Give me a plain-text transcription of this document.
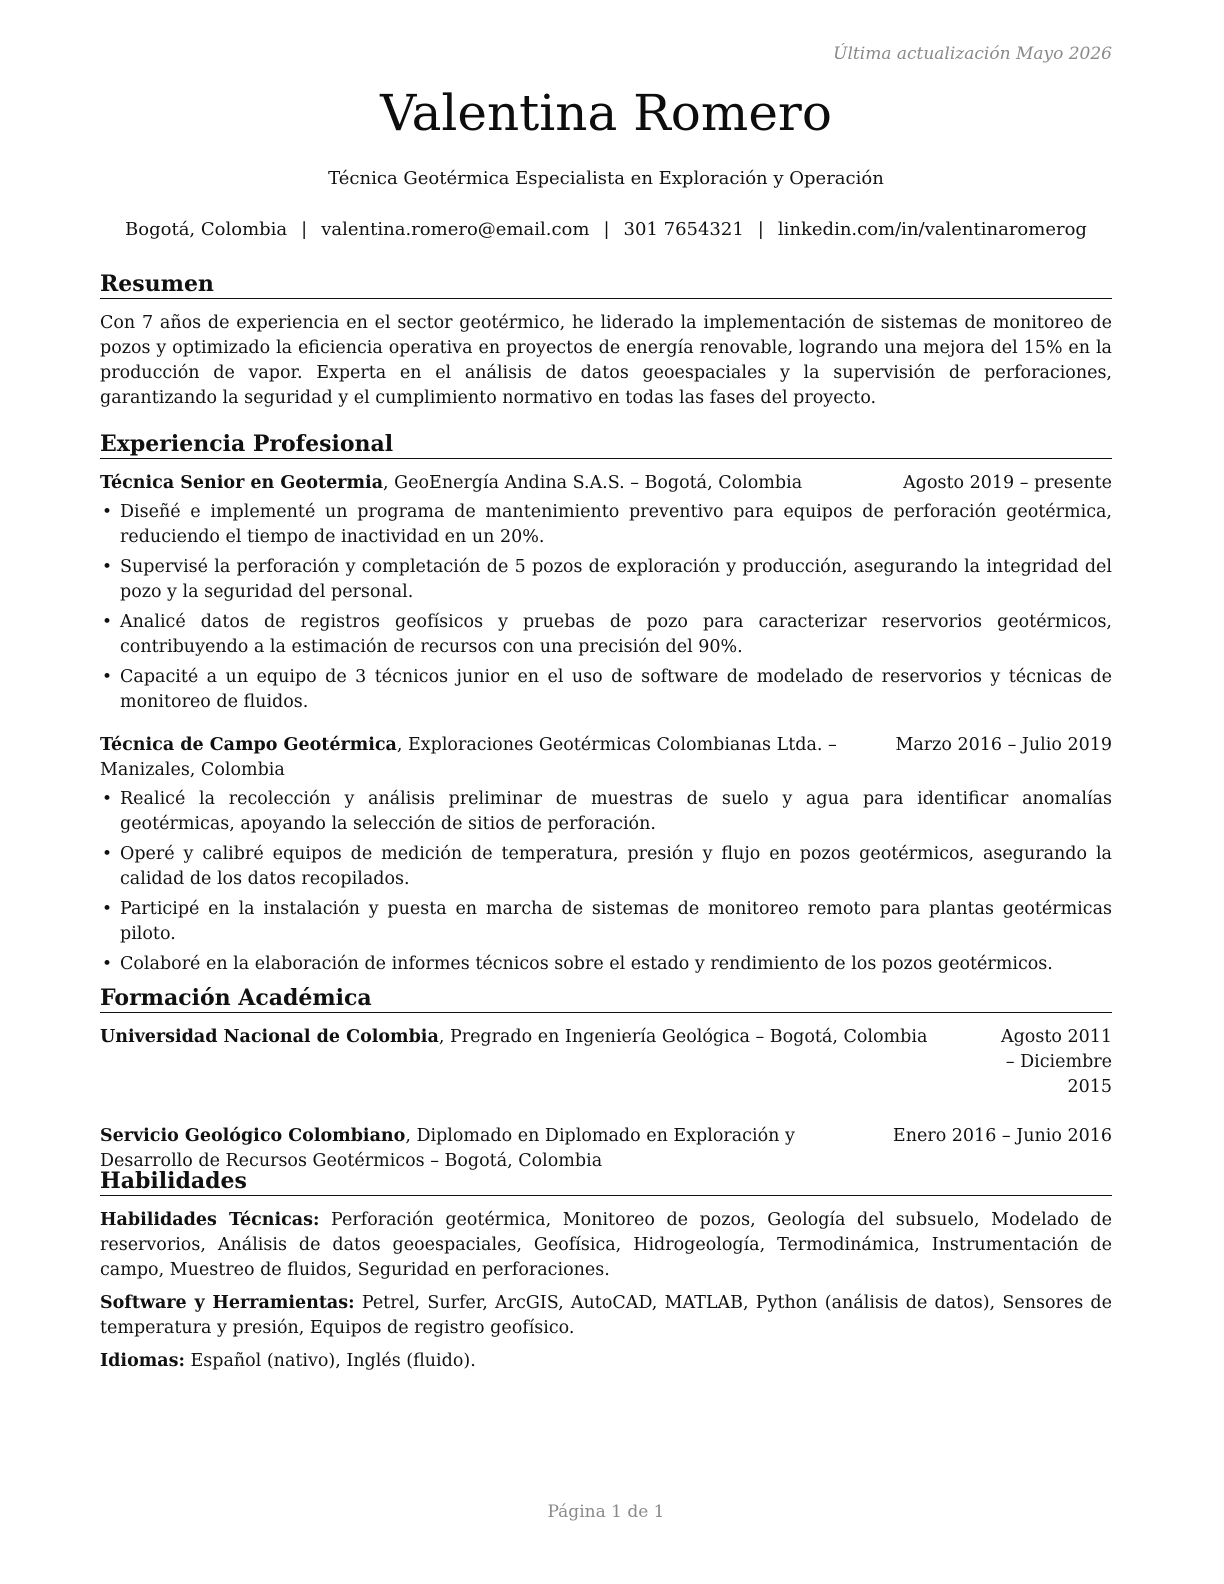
Última actualización Mayo 2026
Valentina Romero
Técnica Geotérmica Especialista en Exploración y Operación
Bogotá, Colombia | valentina.romero@email.com | 301 7654321 | linkedin.com/in/valentinaromerog
Resumen

Con 7 años de experiencia en el sector geotérmico, he liderado la implementación de sistemas de monitoreo de pozos y optimizado la eficiencia operativa en proyectos de energía renovable, logrando una mejora del 15% en la producción de vapor. Experta en el análisis de datos geoespaciales y la supervisión de perforaciones, garantizando la seguridad y el cumplimiento normativo en todas las fases del proyecto.

Experiencia Profesional
Técnica Senior en Geotermia, GeoEnergía Andina S.A.S. – Bogotá, Colombia	Agosto 2019 – presente
• Diseñé e implementé un programa de mantenimiento preventivo para equipos de perforación geotérmica, reduciendo el tiempo de inactividad en un 20%.
• Supervisé la perforación y completación de 5 pozos de exploración y producción, asegurando la integridad del pozo y la seguridad del personal.
• Analicé datos de registros geofísicos y pruebas de pozo para caracterizar reservorios geotérmicos, contribuyendo a la estimación de recursos con una precisión del 90%.
• Capacité a un equipo de 3 técnicos junior en el uso de software de modelado de reservorios y técnicas de monitoreo de fluidos.
Técnica de Campo Geotérmica, Exploraciones Geotérmicas Colombianas Ltda. – Manizales, Colombia
Marzo 2016 – Julio 2019
• Realicé la recolección y análisis preliminar de muestras de suelo y agua para identificar anomalías geotérmicas, apoyando la selección de sitios de perforación.
• Operé y calibré equipos de medición de temperatura, presión y flujo en pozos geotérmicos, asegurando la calidad de los datos recopilados.
• Participé en la instalación y puesta en marcha de sistemas de monitoreo remoto para plantas geotérmicas piloto.
• Colaboré en la elaboración de informes técnicos sobre el estado y rendimiento de los pozos geotérmicos.
Formación Académica
Universidad Nacional de Colombia, Pregrado en Ingeniería Geológica – Bogotá, Colombia	Agosto 2011 – Diciembre 2015
Servicio Geológico Colombiano, Diplomado en Diplomado en Exploración y Desarrollo de Recursos Geotérmicos – Bogotá, Colombia
Enero 2016 – Junio 2016
Habilidades

Habilidades Técnicas: Perforación geotérmica, Monitoreo de pozos, Geología del subsuelo, Modelado de reservorios, Análisis de datos geoespaciales, Geofísica, Hidrogeología, Termodinámica, Instrumentación de campo, Muestreo de fluidos, Seguridad en perforaciones.

Software y Herramientas: Petrel, Surfer, ArcGIS, AutoCAD, MATLAB, Python (análisis de datos), Sensores de temperatura y presión, Equipos de registro geofísico.

Idiomas: Español (nativo), Inglés (fluido).

Página 1 de 1
